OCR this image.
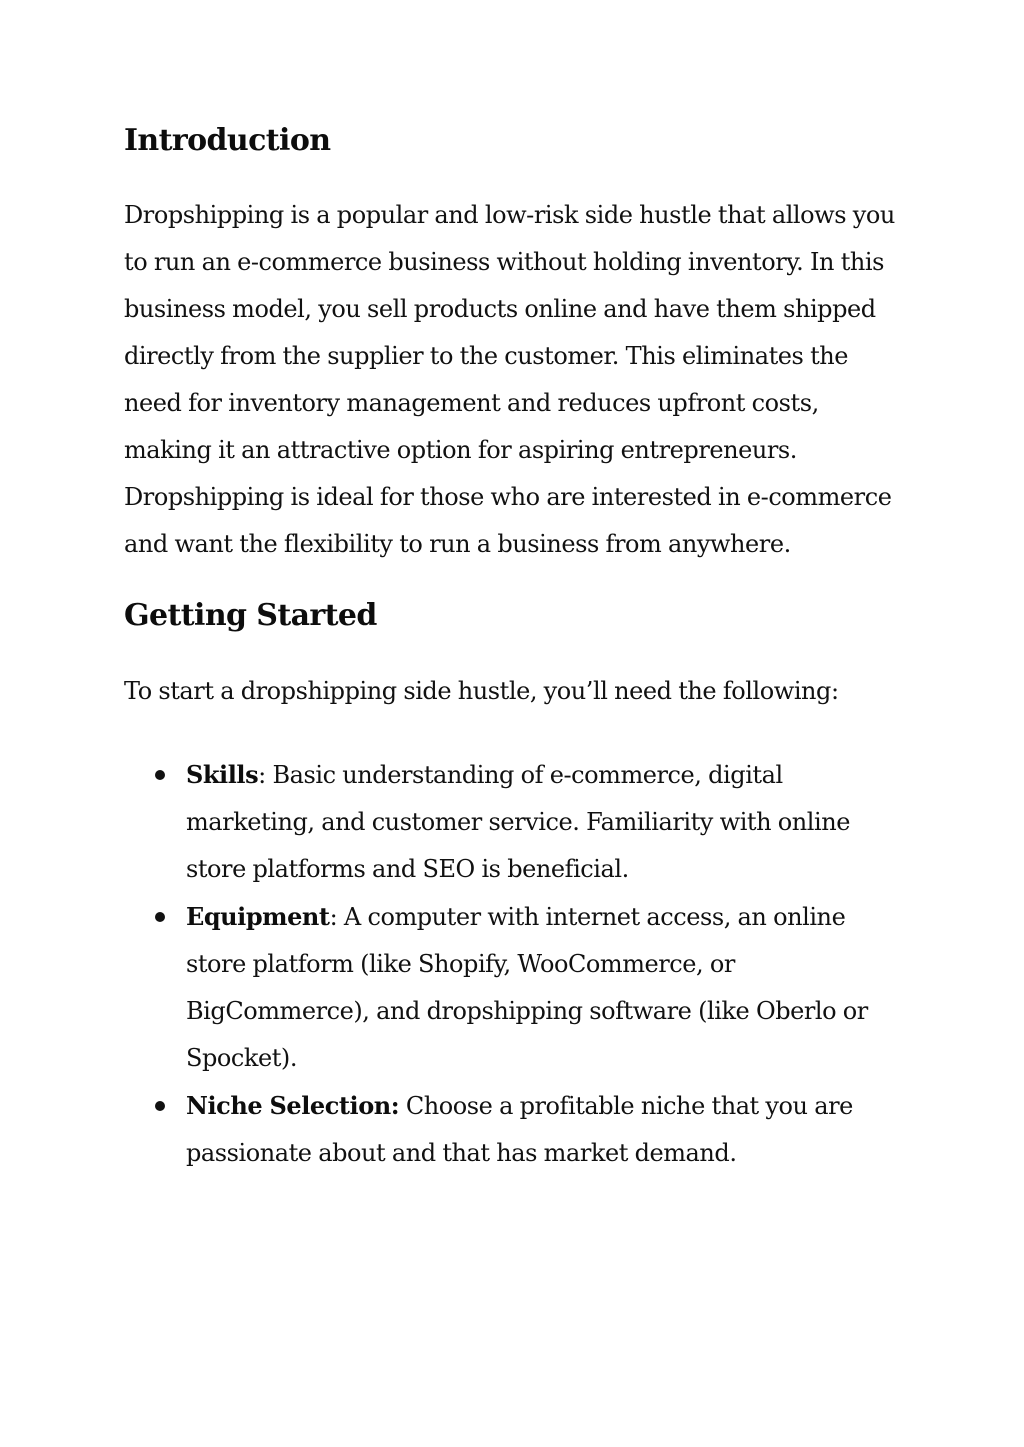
Introduction

Dropshipping is a popular and low-risk side hustle that allows you to run an e-commerce business without holding inventory. In this business model, you sell products online and have them shipped directly from the supplier to the customer. This eliminates the need for inventory management and reduces upfront costs, making it an attractive option for aspiring entrepreneurs. Dropshipping is ideal for those who are interested in e-commerce and want the flexibility to run a business from anywhere.

Getting Started

To start a dropshipping side hustle, you’ll need the following:

Skills: Basic understanding of e-commerce, digital marketing, and customer service. Familiarity with online store platforms and SEO is beneficial.
Equipment: A computer with internet access, an online store platform (like Shopify, WooCommerce, or BigCommerce), and dropshipping software (like Oberlo or Spocket).
Niche Selection: Choose a profitable niche that you are passionate about and that has market demand.
